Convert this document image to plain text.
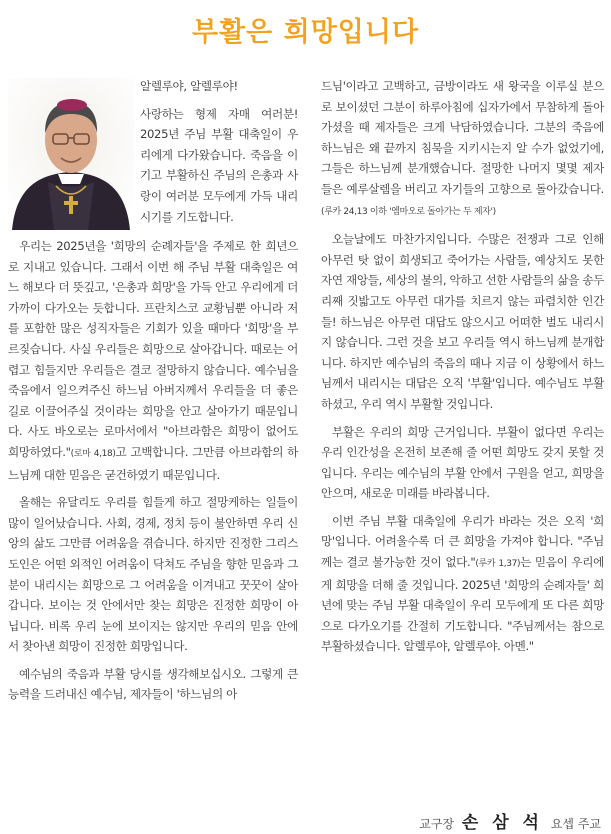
부활은 희망입니다

알렐루야, 알렐루야!

사랑하는 형제 자매 여러분! 2025년 주님 부활 대축일이 우리에게 다가왔습니다. 죽음을 이기고 부활하신 주님의 은총과 사랑이 여러분 모두에게 가득 내리시기를 기도합니다.

우리는 2025년을 '희망의 순례자들'을 주제로 한 희년으로 지내고 있습니다. 그래서 이번 해 주님 부활 대축일은 여느 해보다 더 뜻깊고, '은총과 희망'을 가득 안고 우리에게 더 가까이 다가오는 듯합니다. 프란치스코 교황님뿐 아니라 저를 포함한 많은 성직자들은 기회가 있을 때마다 '희망'을 부르짖습니다. 사실 우리들은 희망으로 살아갑니다. 때로는 어렵고 힘들지만 우리들은 결코 절망하지 않습니다. 예수님을 죽음에서 일으켜주신 하느님 아버지께서 우리들을 더 좋은 길로 이끌어주실 것이라는 희망을 안고 살아가기 때문입니다. 사도 바오로는 로마서에서 "아브라함은 희망이 없어도 희망하였다."(로마 4,18)고 고백합니다. 그만큼 아브라함의 하느님께 대한 믿음은 굳건하였기 때문입니다.

올해는 유달리도 우리를 힘들게 하고 절망케하는 일들이 많이 일어났습니다. 사회, 경제, 정치 등이 불안하면 우리 신앙의 삶도 그만큼 어려움을 겪습니다. 하지만 진정한 그리스도인은 어떤 외적인 어려움이 닥쳐도 주님을 향한 믿음과 그분이 내리시는 희망으로 그 어려움을 이겨내고 꿋꿋이 살아갑니다. 보이는 것 안에서만 찾는 희망은 진정한 희망이 아닙니다. 비록 우리 눈에 보이지는 않지만 우리의 믿음 안에서 찾아낸 희망이 진정한 희망입니다.

예수님의 죽음과 부활 당시를 생각해보십시오. 그렇게 큰 능력을 드러내신 예수님, 제자들이 '하느님의 아

드님'이라고 고백하고, 금방이라도 새 왕국을 이루실 분으로 보이셨던 그분이 하루아침에 십자가에서 무참하게 돌아가셨을 때 제자들은 크게 낙담하였습니다. 그분의 죽음에 하느님은 왜 끝까지 침묵을 지키시는지 알 수가 없었기에, 그들은 하느님께 분개했습니다. 절망한 나머지 몇몇 제자들은 예루살렘을 버리고 자기들의 고향으로 돌아갔습니다.(루카 24,13 이하 '엠마오로 돌아가는 두 제자')

오늘날에도 마찬가지입니다. 수많은 전쟁과 그로 인해 아무런 탓 없이 희생되고 죽어가는 사람들, 예상치도 못한 자연 재앙들, 세상의 불의, 악하고 선한 사람들의 삶을 송두리째 짓밟고도 아무런 대가를 치르지 않는 파렴치한 인간들! 하느님은 아무런 대답도 않으시고 어떠한 벌도 내리시지 않습니다. 그런 것을 보고 우리들 역시 하느님께 분개합니다. 하지만 예수님의 죽음의 때나 지금 이 상황에서 하느님께서 내리시는 대답은 오직 '부활'입니다. 예수님도 부활하셨고, 우리 역시 부활할 것입니다.

부활은 우리의 희망 근거입니다. 부활이 없다면 우리는 우리 인간성을 온전히 보존해 줄 어떤 희망도 갖지 못할 것입니다. 우리는 예수님의 부활 안에서 구원을 얻고, 희망을 안으며, 새로운 미래를 바라봅니다.

이번 주님 부활 대축일에 우리가 바라는 것은 오직 '희망'입니다. 어려울수록 더 큰 희망을 가져야 합니다. "주님께는 결코 불가능한 것이 없다."(루카 1,37)는 믿음이 우리에게 희망을 더해 줄 것입니다. 2025년 '희망의 순례자들' 희년에 맞는 주님 부활 대축일이 우리 모두에게 또 다른 희망으로 다가오기를 간절히 기도합니다. "주님께서는 참으로 부활하셨습니다. 알렐루야, 알렐루야. 아멘."

교구장 손 삼 석 요셉 주교
